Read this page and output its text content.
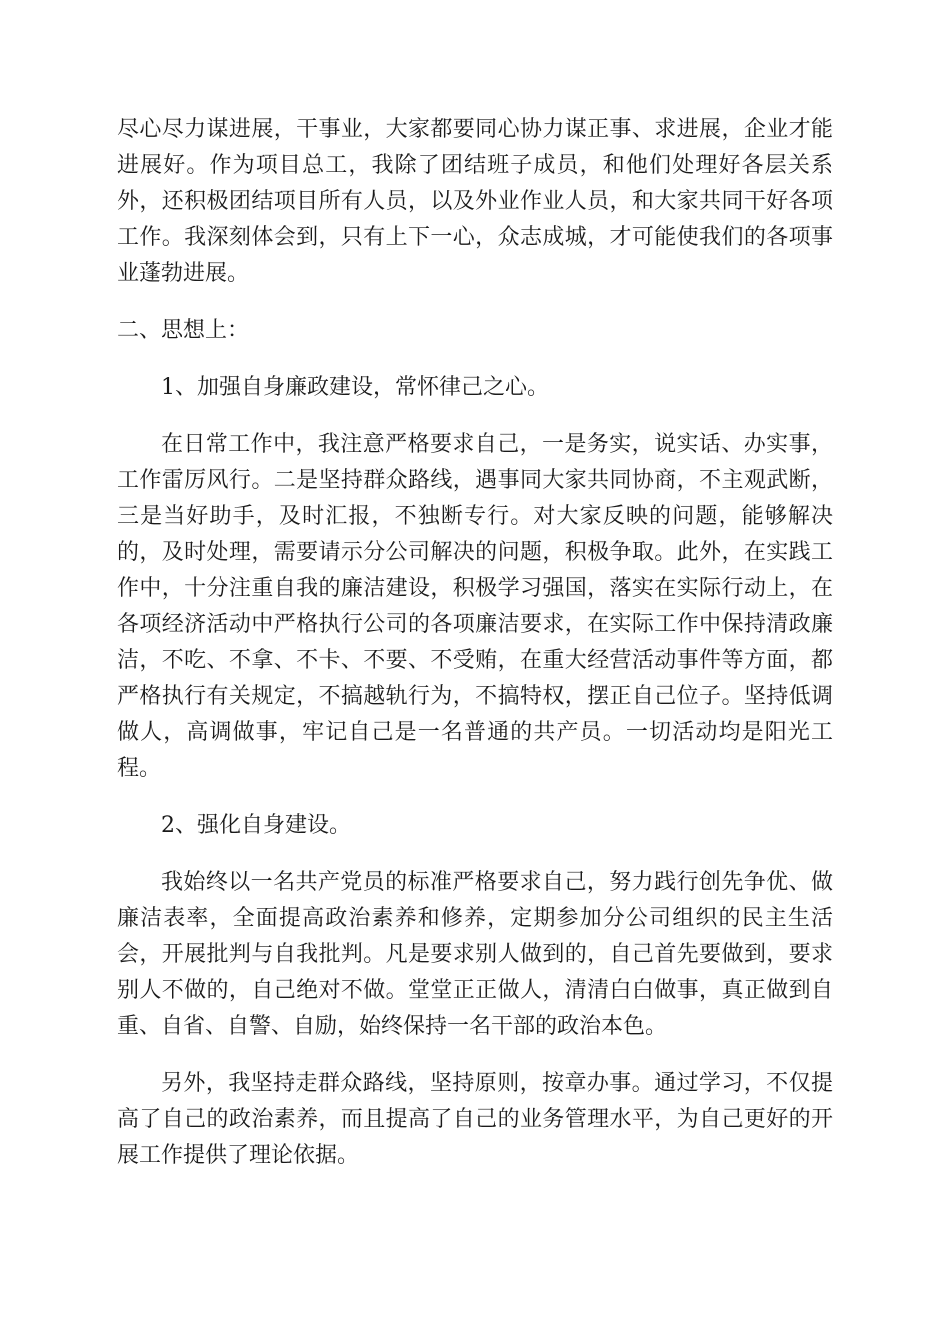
尽心尽力谋进展，干事业，大家都要同心协力谋正事、求进展，企业才能进展好。作为项目总工，我除了团结班子成员，和他们处理好各层关系外，还积极团结项目所有人员，以及外业作业人员，和大家共同干好各项工作。我深刻体会到，只有上下一心，众志成城，才可能使我们的各项事业蓬勃进展。

二、思想上：

1、加强自身廉政建设，常怀律己之心。

在日常工作中，我注意严格要求自己，一是务实，说实话、办实事，工作雷厉风行。二是坚持群众路线，遇事同大家共同协商，不主观武断，三是当好助手，及时汇报，不独断专行。对大家反映的问题，能够解决的，及时处理，需要请示分公司解决的问题，积极争取。此外，在实践工作中，十分注重自我的廉洁建设，积极学习强国，落实在实际行动上，在各项经济活动中严格执行公司的各项廉洁要求，在实际工作中保持清政廉洁，不吃、不拿、不卡、不要、不受贿，在重大经营活动事件等方面，都严格执行有关规定，不搞越轨行为，不搞特权，摆正自己位子。坚持低调做人，高调做事，牢记自己是一名普通的共产员。一切活动均是阳光工程。

2、强化自身建设。

我始终以一名共产党员的标准严格要求自己，努力践行创先争优、做廉洁表率，全面提高政治素养和修养，定期参加分公司组织的民主生活会，开展批判与自我批判。凡是要求别人做到的，自己首先要做到，要求别人不做的，自己绝对不做。堂堂正正做人，清清白白做事，真正做到自重、自省、自警、自励，始终保持一名干部的政治本色。

另外，我坚持走群众路线，坚持原则，按章办事。通过学习，不仅提高了自己的政治素养，而且提高了自己的业务管理水平，为自己更好的开展工作提供了理论依据。
